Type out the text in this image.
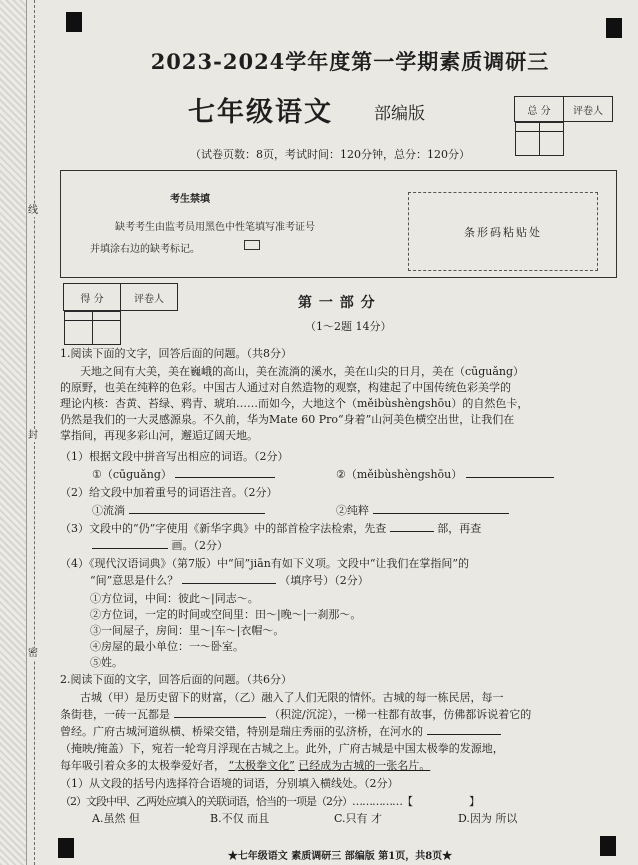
线
封
密
2023-2024学年度第一学期素质调研三
七年级语文 部编版	总 分	评卷人

（试卷页数：8页，考试时间：120分钟，总分：120分）
考生禁填
缺考考生由监考员用黑色中性笔填写准考证号
并填涂右边的缺考标记。
条形码粘贴处
得 分	评卷人
		第 一 部 分
（1～2题 14分）
1.阅读下面的文字，回答后面的问题。（共8分）
天地之间有大美，美在巍峨的高山，美在流淌的溪水，美在山尖的日月，美在（cūguǎng）
的原野，也美在纯粹的色彩。中国古人通过对自然造物的观察，构建起了中国传统色彩美学的
理论内核：杏黄、苔绿、鸦青、琥珀……而如今，大地这个（měibùshèngshōu）的自然色卡，
仍然是我们的一大灵感源泉。不久前，华为Mate 60 Pro“身着”山河美色横空出世，让我们在
掌指间，再现多彩山河，邂逅辽阔天地。
（1）根据文段中拼音写出相应的词语。（2分）
①（cūguǎng）	②（měibùshèngshōu）
（2）给文段中加着重号的词语注音。（2分）
①流淌	②纯粹
（3）文段中的“仍”字使用《新华字典》中的部首检字法检索，先查	部，再查
画。（2分）
（4）《现代汉语词典》（第7版）中“间”jiān有如下义项。文段中“让我们在掌指间”的
“间”意思是什么？	（填序号）（2分）
①方位词，中间：彼此～|同志～。
②方位词，一定的时间或空间里：田～|晚～|一刹那～。
③一间屋子，房间：里～|车～|衣帽～。
④房屋的最小单位：一～卧室。
⑤姓。
2.阅读下面的文字，回答后面的问题。（共6分）
古城（甲）是历史留下的财富，（乙）融入了人们无限的情怀。古城的每一栋民居，每一
条街巷，一砖一瓦都是	（积淀/沉淀），一梯一柱都有故事，仿佛都诉说着它的
曾经。广府古城河道纵横、桥梁交错，特别是瑞庄秀丽的弘济桥，在河水的
（掩映/掩盖）下，宛若一轮弯月浮现在古城之上。此外，广府古城是中国太极拳的发源地，
每年吸引着众多的太极拳爱好者， “太极拳文化” 已经成为古城的一张名片。
（1）从文段的括号内选择符合语境的词语，分别填入横线处。（2分）
（2）文段中甲、乙两处应填入的关联词语，恰当的一项是（2分）……………【	】
A.虽然 但	B.不仅 而且	C.只有 才	D.因为 所以
★七年级语文 素质调研三 部编版 第1页，共8页★
